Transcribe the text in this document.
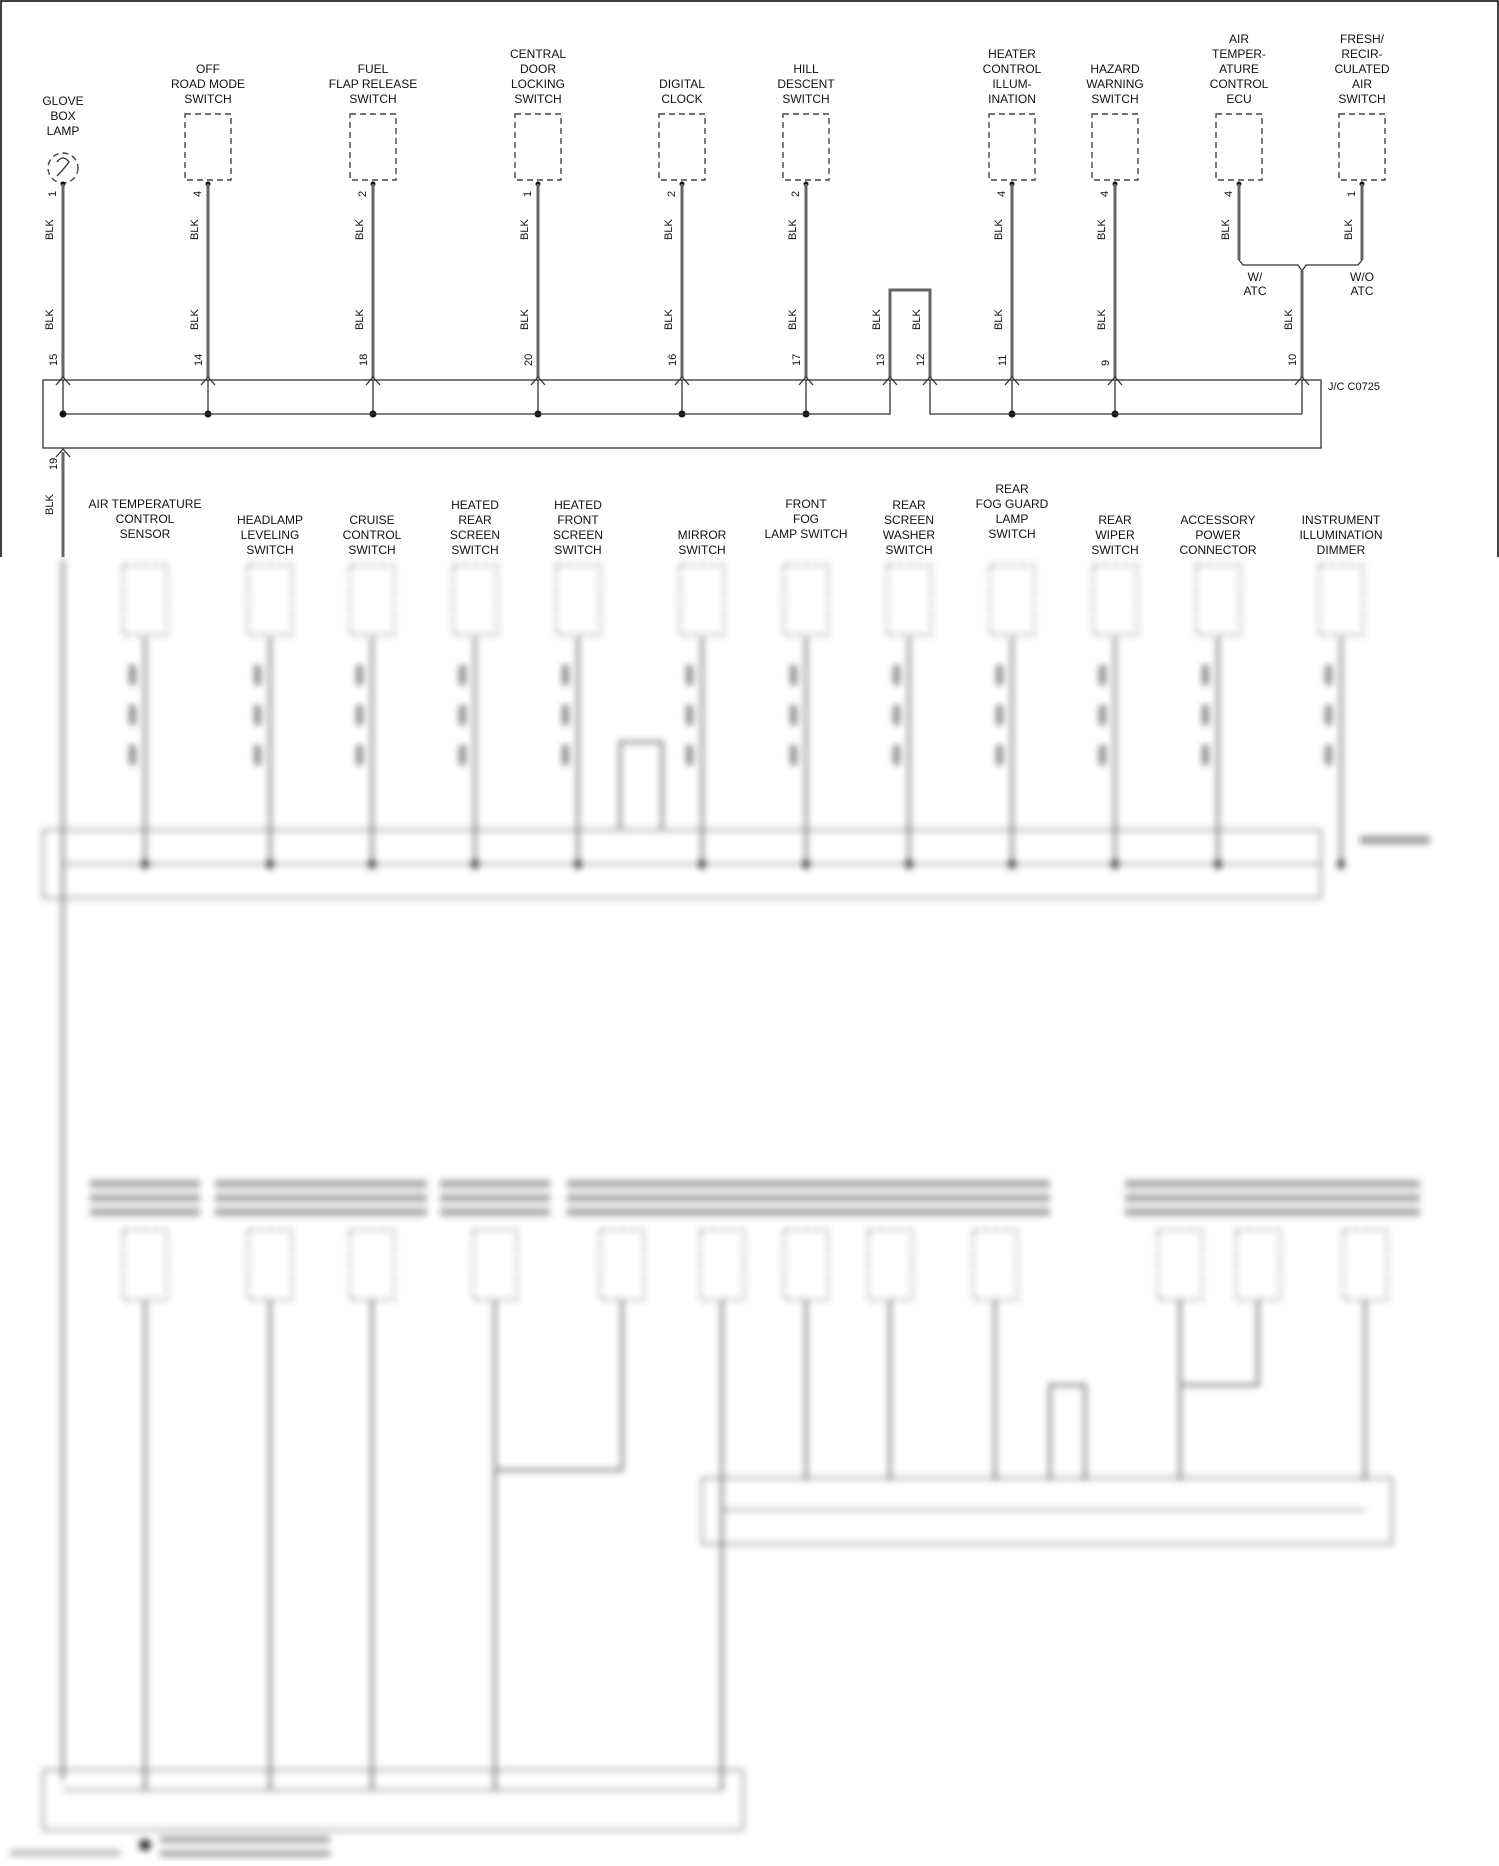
GLOVE
BOX
LAMP
1
BLK
BLK
15
OFF
ROAD MODE
SWITCH
4
BLK
BLK
14
FUEL
FLAP RELEASE
SWITCH
2
BLK
BLK
18
CENTRAL
DOOR
LOCKING
SWITCH
1
BLK
BLK
20
DIGITAL
CLOCK
2
BLK
BLK
16
HILL
DESCENT
SWITCH
2
BLK
BLK
17
HEATER
CONTROL
ILLUM-
INATION
4
BLK
BLK
11
HAZARD
WARNING
SWITCH
4
BLK
BLK
9
AIR
TEMPER-
ATURE
CONTROL
ECU
4
BLK
FRESH/
RECIR-
CULATED
AIR
SWITCH
1
BLK
W/
ATC
W/O
ATC
BLK
10
BLK	BLK
13	12
J/C C0725
19
BLK	AIR TEMPERATURE
CONTROL
SENSOR
HEADLAMP
LEVELING
SWITCH
CRUISE
CONTROL
SWITCH
HEATED
REAR
SCREEN
SWITCH
HEATED
FRONT
SCREEN
SWITCH
MIRROR
SWITCH
FRONT
FOG
LAMP SWITCH
REAR
SCREEN
WASHER
SWITCH
REAR
FOG GUARD
LAMP
SWITCH
REAR
WIPER
SWITCH
ACCESSORY
POWER
CONNECTOR
INSTRUMENT
ILLUMINATION
DIMMER
